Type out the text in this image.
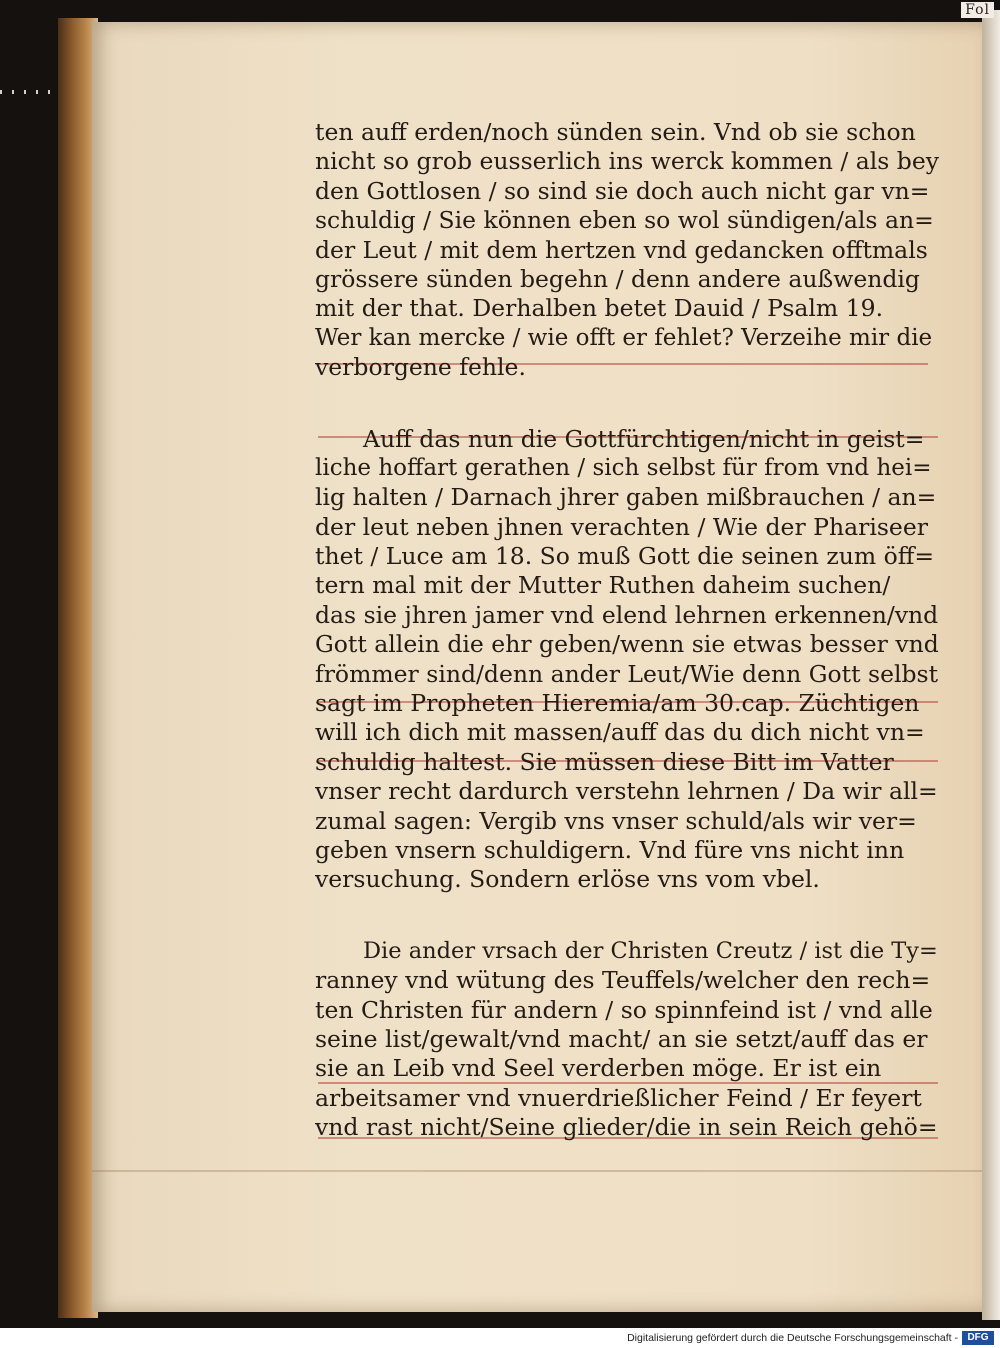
Fol
ten auff erden/noch sünden sein. Vnd ob sie schon
nicht so grob eusserlich ins werck kommen / als bey
den Gottlosen / so sind sie doch auch nicht gar vn=
schuldig / Sie können eben so wol sündigen/als an=
der Leut / mit dem hertzen vnd gedancken offtmals
grössere sünden begehn / denn andere außwendig
mit der that. Derhalben betet Dauid / Psalm 19.
Wer kan mercke / wie offt er fehlet? Verzeihe mir die
verborgene fehle.
Auff das nun die Gottfürchtigen/nicht in geist=
liche hoffart gerathen / sich selbst für from vnd hei=
lig halten / Darnach jhrer gaben mißbrauchen / an=
der leut neben jhnen verachten / Wie der Phariseer
thet / Luce am 18. So muß Gott die seinen zum öff=
tern mal mit der Mutter Ruthen daheim suchen/
das sie jhren jamer vnd elend lehrnen erkennen/vnd
Gott allein die ehr geben/wenn sie etwas besser vnd
frömmer sind/denn ander Leut/Wie denn Gott selbst
sagt im Propheten Hieremia/am 30.cap. Züchtigen
will ich dich mit massen/auff das du dich nicht vn=
schuldig haltest. Sie müssen diese Bitt im Vatter
vnser recht dardurch verstehn lehrnen / Da wir all=
zumal sagen: Vergib vns vnser schuld/als wir ver=
geben vnsern schuldigern. Vnd füre vns nicht inn
versuchung. Sondern erlöse vns vom vbel.
Die ander vrsach der Christen Creutz / ist die Ty=
ranney vnd wütung des Teuffels/welcher den rech=
ten Christen für andern / so spinnfeind ist / vnd alle
seine list/gewalt/vnd macht/ an sie setzt/auff das er
sie an Leib vnd Seel verderben möge. Er ist ein
arbeitsamer vnd vnuerdrießlicher Feind / Er feyert
vnd rast nicht/Seine glieder/die in sein Reich gehö=
Digitalisierung gefördert durch die Deutsche Forschungsgemeinschaft - DFG
